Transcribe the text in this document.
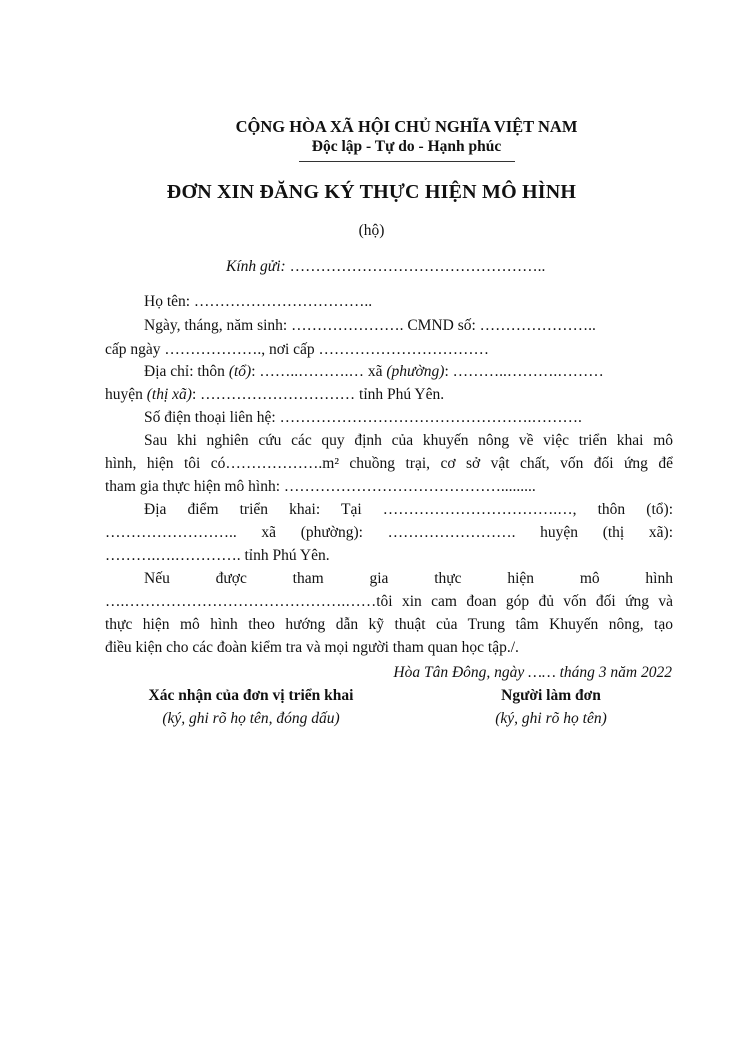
CỘNG HÒA XÃ HỘI CHỦ NGHĨA VIỆT NAM
Độc lập - Tự do - Hạnh phúc
ĐƠN XIN ĐĂNG KÝ THỰC HIỆN MÔ HÌNH
(hộ)
Kính gửi: …………………………………………..
Họ tên: ……………………………..
Ngày, tháng, năm sinh: …………………. CMND số: …………………..
cấp ngày ………………., nơi cấp ……………………………
Địa chỉ: thôn (tổ): ……..……….… xã (phường): ………..……….………
huyện (thị xã): ………………………… tỉnh Phú Yên.
Số điện thoại liên hệ: ………………………………………….……….
Sau khi nghiên cứu các quy định của khuyến nông về việc triển khai mô
hình, hiện tôi có……………….m² chuồng trại, cơ sở vật chất, vốn đối ứng để
tham gia thực hiện mô hình: …………………………………….........
Địa điểm triển khai: Tại …………………………….…, thôn (tổ):
…………………….. xã (phường): ……………………. huyện (thị xã):
……….….…………. tỉnh Phú Yên.
Nếu được tham gia thực hiện mô hình
….…………………………………….……tôi xin cam đoan góp đủ vốn đối ứng và
thực hiện mô hình theo hướng dẫn kỹ thuật của Trung tâm Khuyến nông, tạo
điều kiện cho các đoàn kiểm tra và mọi người tham quan học tập./.
Hòa Tân Đông, ngày …… tháng 3 năm 2022
Xác nhận của đơn vị triển khai
(ký, ghi rõ họ tên, đóng dấu)
Người làm đơn
(ký, ghi rõ họ tên)
